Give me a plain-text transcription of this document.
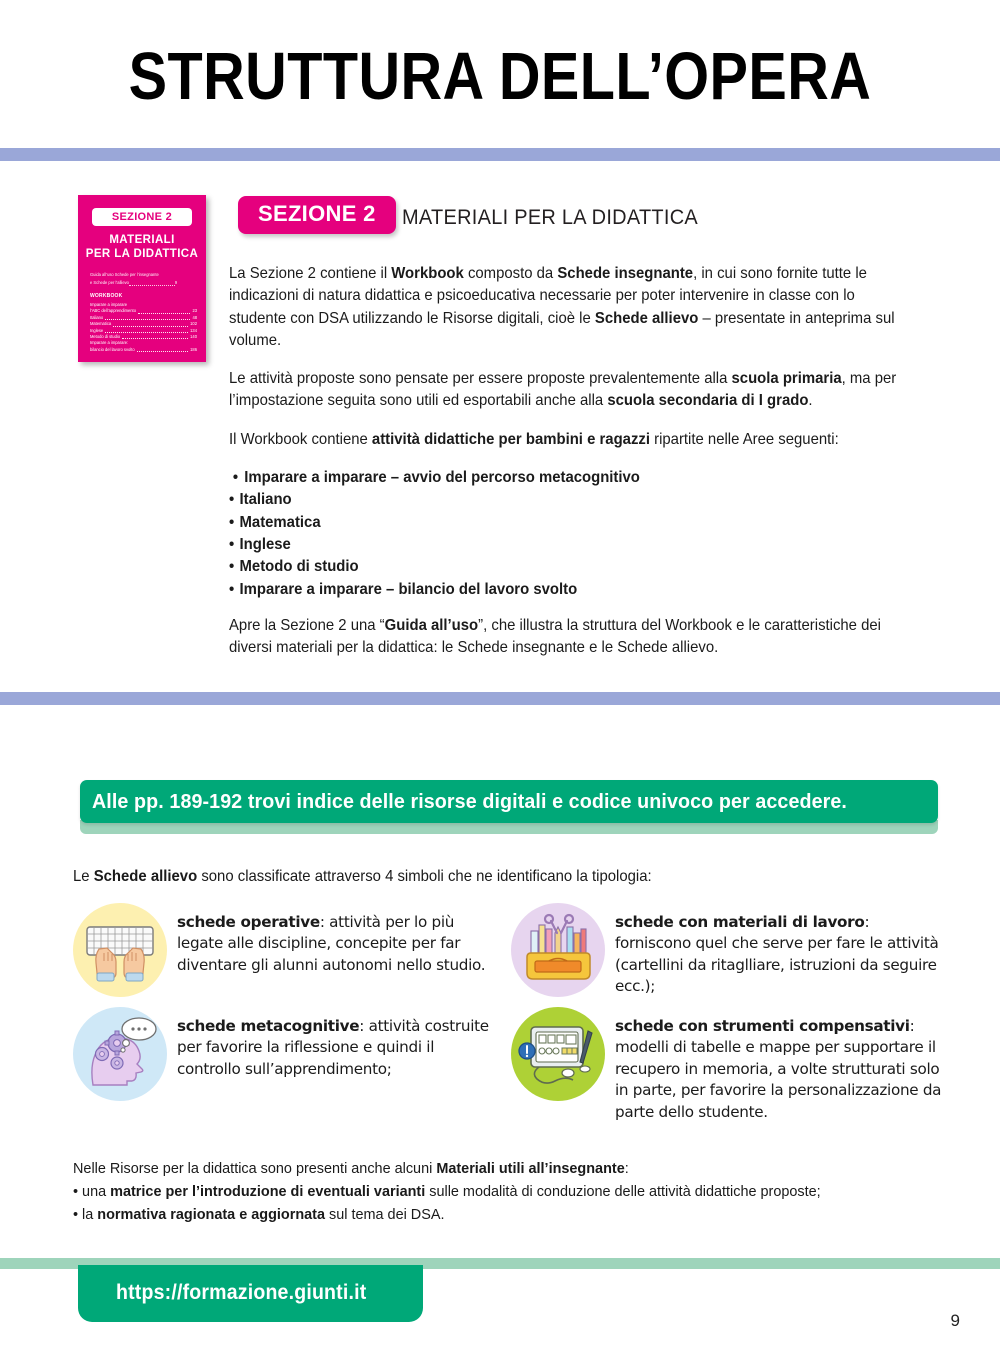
STRUTTURA DELL’OPERA
SEZIONE 2
MATERIALI
PER LA DIDATTICA
Guida all’uso Schede per l’insegnante
e Schede per l’allievo	9
WORKBOOK
Imparare a imparare
l’ABC dell’apprendimento	23
Italiano	48
Matematica	102
Inglese	134
Metodo di studio	140
Imparare a imparare:
bilancio del lavoro svolto	186
SEZIONE 2	MATERIALI PER LA DIDATTICA

La Sezione 2 contiene il Workbook composto da Schede insegnante, in cui sono fornite tutte le indicazioni di natura didattica e psicoeducativa necessarie per poter intervenire in classe con lo studente con DSA utilizzando le Risorse digitali, cioè le Schede allievo – presentate in anteprima sul volume.

Le attività proposte sono pensate per essere proposte prevalentemente alla scuola primaria, ma per l’impostazione seguita sono utili ed esportabili anche alla scuola secondaria di I grado.

Il Workbook contiene attività didattiche per bambini e ragazzi ripartite nelle Aree seguenti:

• Imparare a imparare – avvio del percorso metacognitivo
• Italiano
• Matematica
• Inglese
• Metodo di studio
• Imparare a imparare – bilancio del lavoro svolto

Apre la Sezione 2 una “Guida all’uso”, che illustra la struttura del Workbook e le caratteristiche dei diversi materiali per la didattica: le Schede insegnante e le Schede allievo.

Alle pp. 189-192 trovi indice delle risorse digitali e codice univoco per accedere.
Le Schede allievo sono classificate attraverso 4 simboli che ne identificano la tipologia:
schede operative: attività per lo più legate alle discipline, concepite per far diventare gli alunni autonomi nello studio.
schede metacognitive: attività costruite per favorire la riflessione e quindi il controllo sull’apprendimento;
schede con materiali di lavoro: forniscono quel che serve per fare le attività (cartellini da ritaglliare, istruzioni da seguire ecc.);
schede con strumenti compensativi: modelli di tabelle e mappe per supportare il recupero in memoria, a volte strutturati solo in parte, per favorire la personalizzazione da parte dello studente.
Nelle Risorse per la didattica sono presenti anche alcuni Materiali utili all’insegnante:
• una matrice per l’introduzione di eventuali varianti sulle modalità di conduzione delle attività didattiche proposte;
• la normativa ragionata e aggiornata sul tema dei DSA.
https://formazione.giunti.it
9
